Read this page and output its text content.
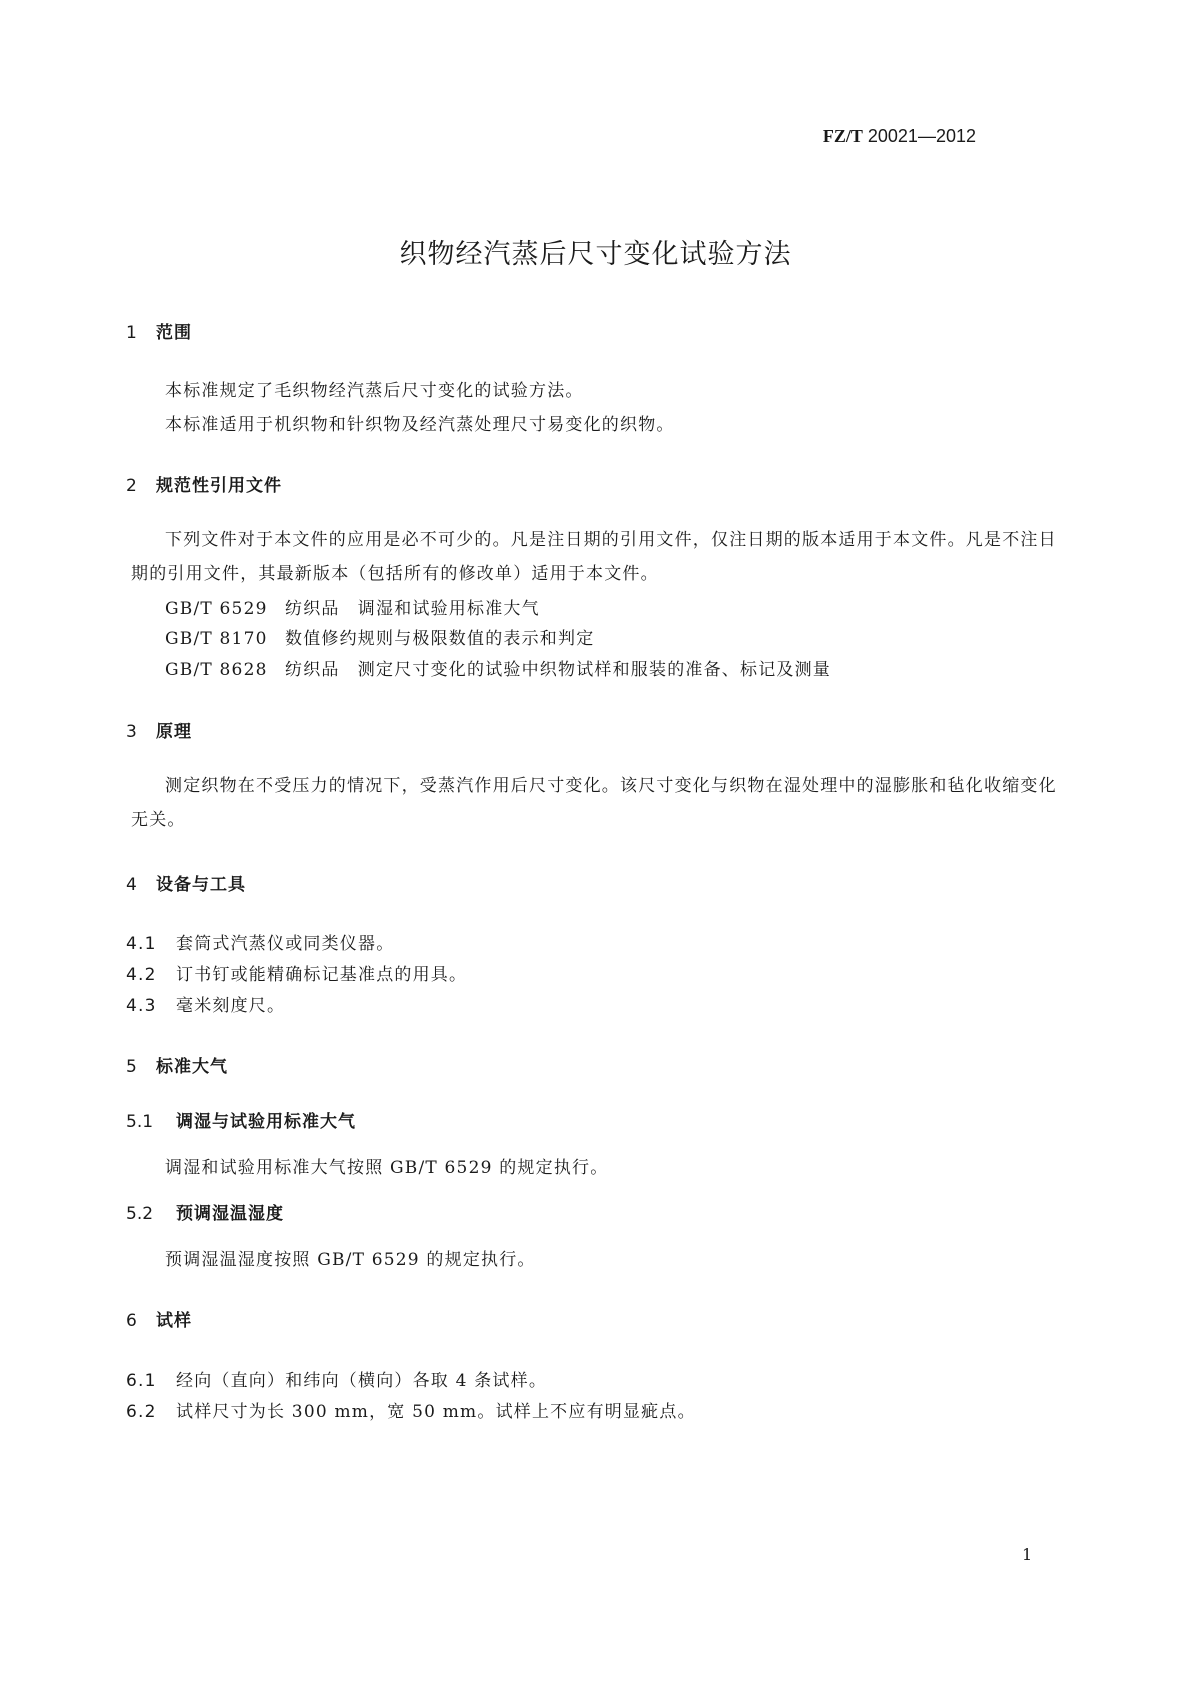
FZ/T 20021—2012
织物经汽蒸后尺寸变化试验方法
1 范围
本标准规定了毛织物经汽蒸后尺寸变化的试验方法。
本标准适用于机织物和针织物及经汽蒸处理尺寸易变化的织物。
2 规范性引用文件
下列文件对于本文件的应用是必不可少的。凡是注日期的引用文件，仅注日期的版本适用于本文件。凡是不注日期的引用文件，其最新版本（包括所有的修改单）适用于本文件。
GB/T 6529 纺织品　调湿和试验用标准大气
GB/T 8170 数值修约规则与极限数值的表示和判定
GB/T 8628 纺织品　测定尺寸变化的试验中织物试样和服装的准备、标记及测量
3 原理
测定织物在不受压力的情况下，受蒸汽作用后尺寸变化。该尺寸变化与织物在湿处理中的湿膨胀和毡化收缩变化无关。
4 设备与工具
4.1 套筒式汽蒸仪或同类仪器。
4.2 订书钉或能精确标记基准点的用具。
4.3 毫米刻度尺。
5 标准大气
5.1 调湿与试验用标准大气
调湿和试验用标准大气按照 GB/T 6529 的规定执行。
5.2 预调湿温湿度
预调湿温湿度按照 GB/T 6529 的规定执行。
6 试样
6.1 经向（直向）和纬向（横向）各取 4 条试样。
6.2 试样尺寸为长 300 mm，宽 50 mm。试样上不应有明显疵点。
1
